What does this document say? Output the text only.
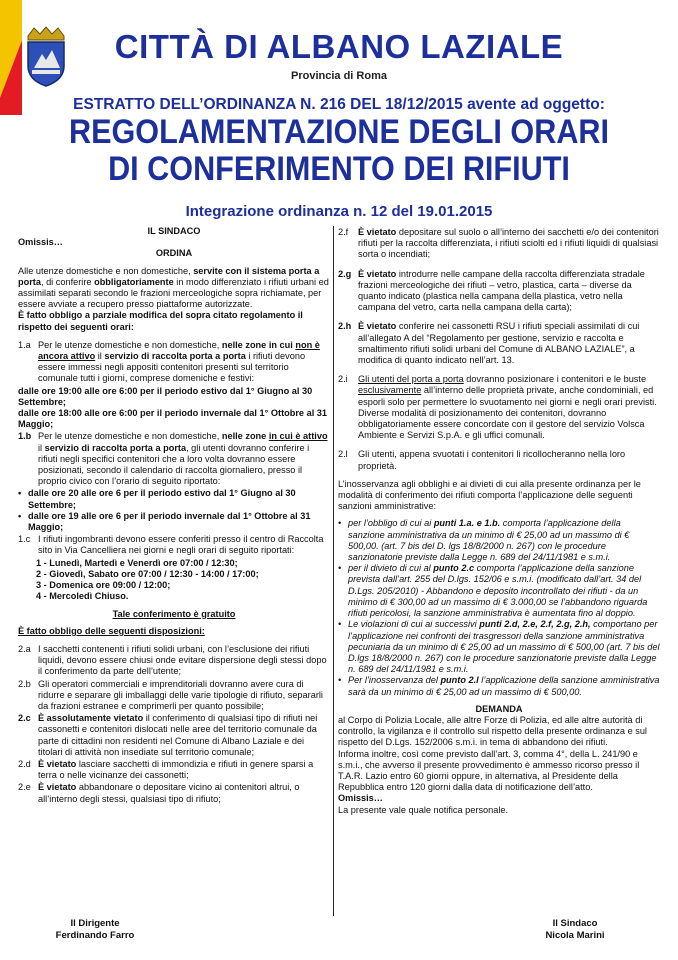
CITTÀ DI ALBANO LAZIALE
Provincia di Roma
ESTRATTO DELL’ORDINANZA N. 216 DEL 18/12/2015 avente ad oggetto:
REGOLAMENTAZIONE DEGLI ORARI
DI CONFERIMENTO DEI RIFIUTI
Integrazione ordinanza n. 12 del 19.01.2015

IL SINDACO

Omissis…

ORDINA

Alle utenze domestiche e non domestiche, servite con il sistema porta a porta, di conferire obbligatoriamente in modo differenziato i rifiuti urbani ed assimilati separati secondo le frazioni merceologiche sopra richiamate, per essere avviate a recupero presso piattaforme autorizzate.

È fatto obbligo a parziale modifica del sopra citato regolamento il rispetto dei seguenti orari:

1.a Per le utenze domestiche e non domestiche, nelle zone in cui non è ancora attivo il servizio di raccolta porta a porta i rifiuti devono essere immessi negli appositi contenitori presenti sul territorio comunale tutti i giorni, comprese domeniche e festivi:

dalle ore 19:00 alle ore 6:00 per il periodo estivo dal 1° Giugno al 30 Settembre;

dalle ore 18:00 alle ore 6:00 per il periodo invernale dal 1° Ottobre al 31 Maggio;

1.b Per le utenze domestiche e non domestiche, nelle zone in cui è attivo il servizio di raccolta porta a porta, gli utenti dovranno conferire i rifiuti negli specifici contenitori che a loro volta dovranno essere posizionati, secondo il calendario di raccolta giornaliero, presso il proprio civico con l’orario di seguito riportato:
• dalle ore 20 alle ore 6 per il periodo estivo dal 1° Giugno al 30 Settembre;
• dalle ore 19 alle ore 6 per il periodo invernale dal 1° Ottobre al 31 Maggio;
1.c I rifiuti ingombranti devono essere conferiti presso il centro di Raccolta sito in Via Cancelliera nei giorni e negli orari di seguito riportati:

1 - Lunedì, Martedì e Venerdì ore 07:00 / 12:30;

2 - Giovedì, Sabato ore 07:00 / 12:30 - 14:00 / 17:00;

3 - Domenica ore 09:00 / 12:00;

4 - Mercoledì Chiuso.

Tale conferimento è gratuito

È fatto obbligo delle seguenti disposizioni:

2.a I sacchetti contenenti i rifiuti solidi urbani, con l’esclusione dei rifiuti liquidi, devono essere chiusi onde evitare dispersione degli stessi dopo il conferimento da parte dell’utente;
2.b Gli operatori commerciali e imprenditoriali dovranno avere cura di ridurre e separare gli imballaggi delle varie tipologie di rifiuto, separarli da frazioni estranee e comprimerli per quanto possibile;
2.c È assolutamente vietato il conferimento di qualsiasi tipo di rifiuti nei cassonetti e contenitori dislocati nelle aree del territorio comunale da parte di cittadini non residenti nel Comune di Albano Laziale e dei titolari di attività non insediate sul territorio comunale;
2.d È vietato lasciare sacchetti di immondizia e rifiuti in genere sparsi a terra o nelle vicinanze dei cassonetti;
2.e È vietato abbandonare o depositare vicino ai contenitori altrui, o all’interno degli stessi, qualsiasi tipo di rifiuto;
2.f	È vietato depositare sul suolo o all’interno dei sacchetti e/o dei contenitori rifiuti per la raccolta differenziata, i rifiuti sciolti ed i rifiuti liquidi di qualsiasi sorta o incendiati;
2.g È vietato introdurre nelle campane della raccolta differenziata stradale frazioni merceologiche dei rifiuti – vetro, plastica, carta – diverse da quanto indicato (plastica nella campana della plastica, vetro nella campana del vetro, carta nella campana della carta);
2.h È vietato conferire nei cassonetti RSU i rifiuti speciali assimilati di cui all’allegato A del “Regolamento per gestione, servizio e raccolta e smaltimento rifiuti solidi urbani del Comune di ALBANO LAZIALE”, a modifica di quanto indicato nell’art. 13.
2.i	Gli utenti del porta a porta dovranno posizionare i contenitori e le buste esclusivamente all’interno delle proprietà private, anche condominiali, ed esporli solo per permettere lo svuotamento nei giorni e negli orari previsti. Diverse modalità di posizionamento dei contenitori, dovranno obbligatoriamente essere concordate con il gestore del servizio Volsca Ambiente e Servizi S.p.A. e gli uffici comunali.
2.l	Gli utenti, appena svuotati i contenitori li ricollocheranno nella loro proprietà.

L’inosservanza agli obblighi e ai divieti di cui alla presente ordinanza per le modalità di conferimento dei rifiuti comporta l’applicazione delle seguenti sanzioni amministrative:

• per l’obbligo di cui ai punti 1.a. e 1.b. comporta l’applicazione della sanzione amministrativa da un minimo di € 25,00 ad un massimo di € 500,00. (art. 7 bis del D. lgs 18/8/2000 n. 267) con le procedure sanzionatorie previste dalla Legge n. 689 del 24/11/1981 e s.m.i.
• per il divieto di cui al punto 2.c comporta l’applicazione della sanzione prevista dall’art. 255 del D.lgs. 152/06 e s.m.i. (modificato dall’art. 34 del D.Lgs. 205/2010) - Abbandono e deposito incontrollato dei rifiuti - da un minimo di € 300,00 ad un massimo di € 3.000,00 se l’abbandono riguarda rifiuti pericolosi, la sanzione amministrativa è aumentata fino al doppio.
• Le violazioni di cui ai successivi punti 2.d, 2.e, 2.f, 2.g, 2.h, comportano per l’applicazione nei confronti dei trasgressori della sanzione amministrativa pecuniaria da un minimo di € 25,00 ad un massimo di € 500,00 (art. 7 bis del D.lgs 18/8/2000 n. 267) con le procedure sanzionatorie previste dalla Legge n. 689 del 24/11/1981 e s.m.i.
• Per l’inosservanza del punto 2.l l’applicazione della sanzione amministrativa sarà da un minimo di € 25,00 ad un massimo di € 500,00.

DEMANDA

al Corpo di Polizia Locale, alle altre Forze di Polizia, ed alle altre autorità di controllo, la vigilanza e il controllo sul rispetto della presente ordinanza e sul rispetto del D.Lgs. 152/2006 s.m.i. in tema di abbandono dei rifiuti.

Informa inoltre, così come previsto dall’art. 3, comma 4°, della L. 241/90 e s.m.i., che avverso il presente provvedimento è ammesso ricorso presso il T.A.R. Lazio entro 60 giorni oppure, in alternativa, al Presidente della Repubblica entro 120 giorni dalla data di notificazione dell’atto.

Omissis…

La presente vale quale notifica personale.

Il Dirigente
Ferdinando Farro
Il Sindaco
Nicola Marini
